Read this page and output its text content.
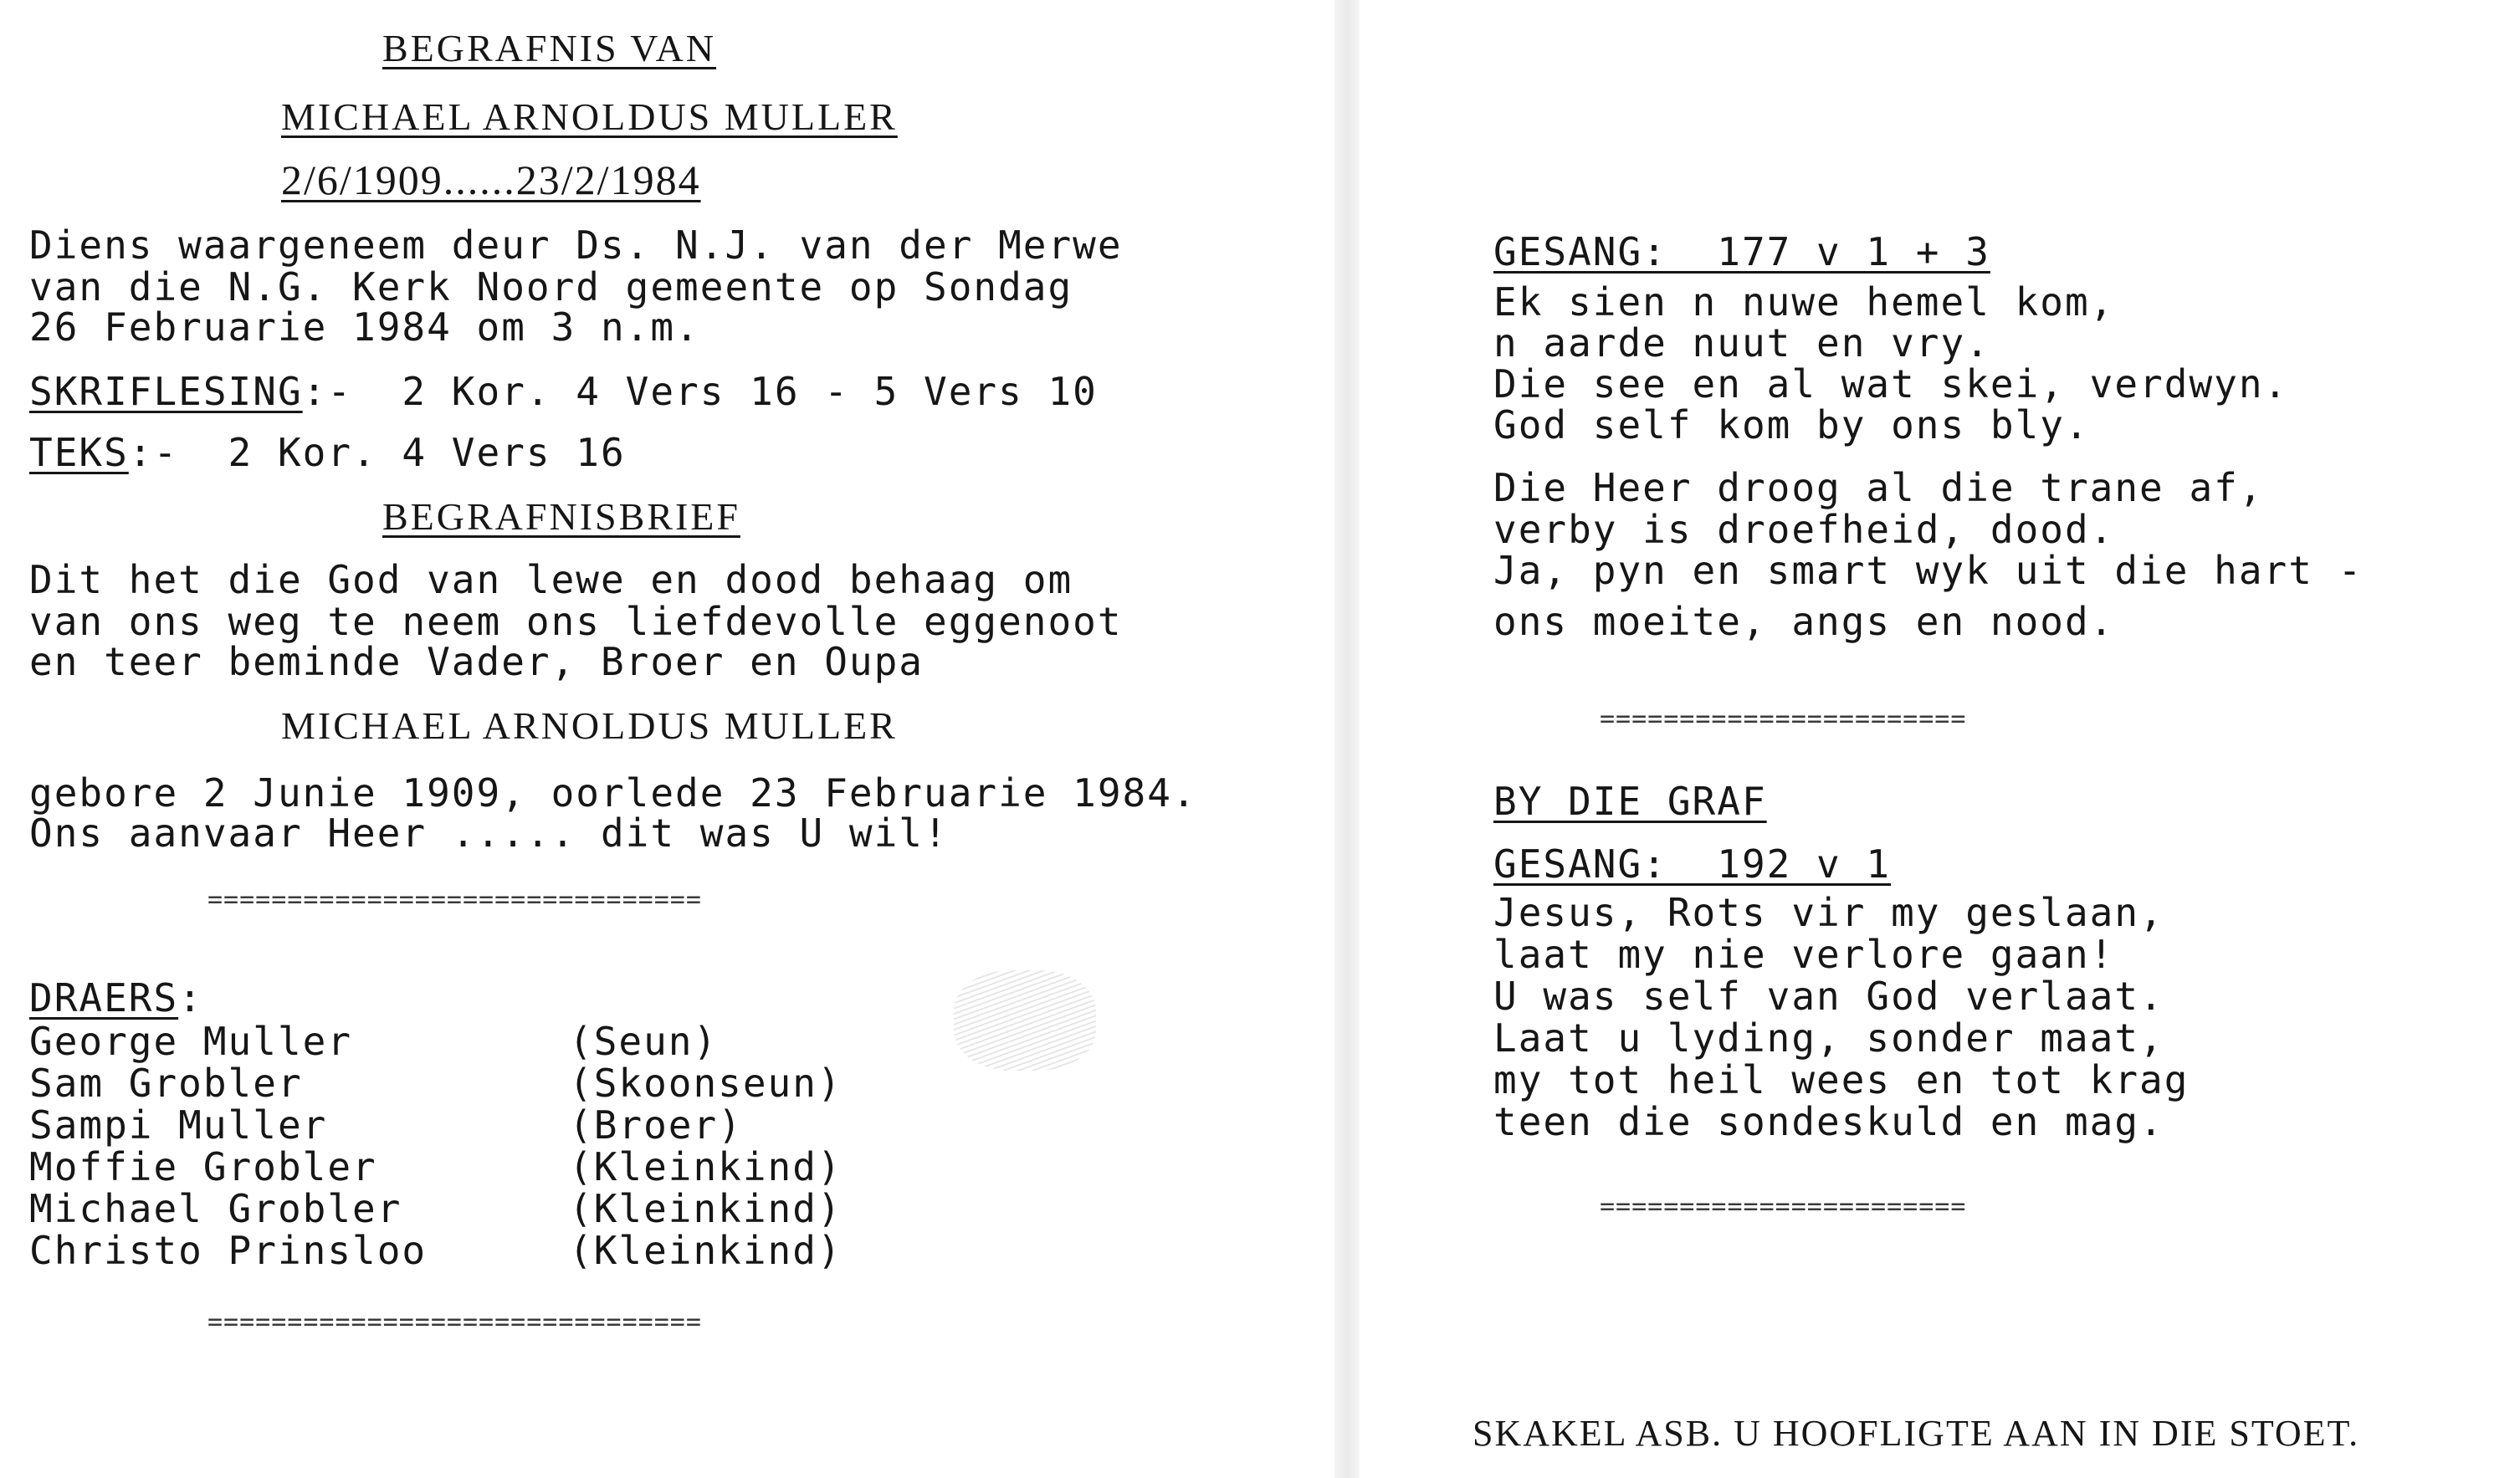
BEGRAFNIS VAN
MICHAEL ARNOLDUS MULLER
2/6/1909......23/2/1984
Diens waargeneem deur Ds. N.J. van der Merwe
van die N.G. Kerk Noord gemeente op Sondag
26 Februarie 1984 om 3 n.m.
SKRIFLESING:-  2 Kor. 4 Vers 16 - 5 Vers 10
TEKS:-  2 Kor. 4 Vers 16
BEGRAFNISBRIEF
Dit het die God van lewe en dood behaag om
van ons weg te neem ons liefdevolle eggenoot
en teer beminde Vader, Broer en Oupa
MICHAEL ARNOLDUS MULLER
gebore 2 Junie 1909, oorlede 23 Februarie 1984.
Ons aanvaar Heer ..... dit was U wil!
===============================
DRAERS:
George Muller	(Seun)
Sam Grobler	(Skoonseun)
Sampi Muller	(Broer)
Moffie Grobler	(Kleinkind)
Michael Grobler	(Kleinkind)
Christo Prinsloo	(Kleinkind)
===============================
GESANG:  177 v 1 + 3
Ek sien n nuwe hemel kom,
n aarde nuut en vry.
Die see en al wat skei, verdwyn.
God self kom by ons bly.
Die Heer droog al die trane af,
verby is droefheid, dood.
Ja, pyn en smart wyk uit die hart -
ons moeite, angs en nood.
=======================
BY DIE GRAF
GESANG:  192 v 1
Jesus, Rots vir my geslaan,
laat my nie verlore gaan!
U was self van God verlaat.
Laat u lyding, sonder maat,
my tot heil wees en tot krag
teen die sondeskuld en mag.
=======================
SKAKEL ASB. U HOOFLIGTE AAN IN DIE STOET.
